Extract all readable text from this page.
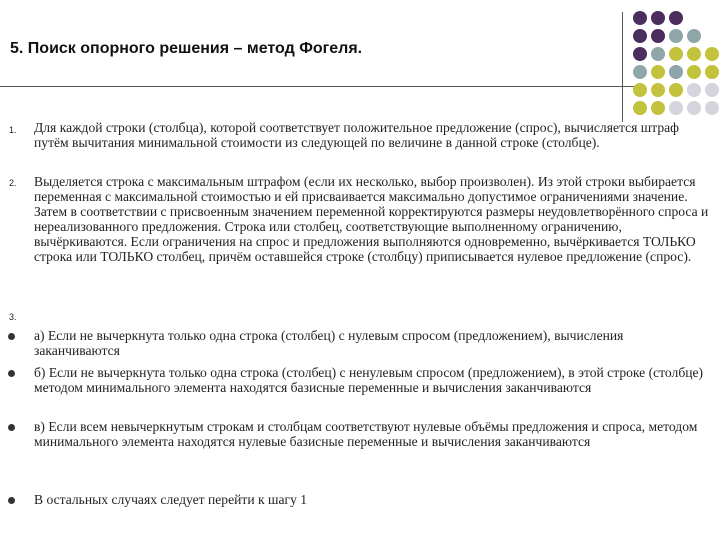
5. Поиск опорного решения – метод Фогеля.
1. Для каждой строки (столбца), которой соответствует положительное предложение (спрос), вычисляется штраф путём вычитания минимальной стоимости из следующей по величине в данной строке (столбце).
2. Выделяется строка с максимальным штрафом (если их несколько, выбор произволен). Из этой строки выбирается переменная с максимальной стоимостью и ей присваивается максимально допустимое ограничениями значение. Затем в соответствии с присвоенным значением переменной корректируются размеры неудовлетворённого спроса и нереализованного предложения. Строка или столбец, соответствующие выполненному ограничению, вычёркиваются. Если ограничения на спрос и предложения выполняются одновременно, вычёркивается ТОЛЬКО строка или ТОЛЬКО столбец, причём оставшейся строке (столбцу) приписывается нулевое предложение (спрос).
3.
а) Если не вычеркнута только одна строка (столбец) с нулевым спросом (предложением), вычисления заканчиваются
б) Если не вычеркнута только одна строка (столбец) с ненулевым спросом (предложением), в этой строке (столбце) методом минимального элемента находятся базисные переменные и вычисления заканчиваются
в) Если всем невычеркнутым строкам и столбцам соответствуют нулевые объёмы предложения и спроса, методом минимального элемента находятся нулевые базисные переменные и вычисления заканчиваются
В остальных случаях следует перейти к шагу 1
